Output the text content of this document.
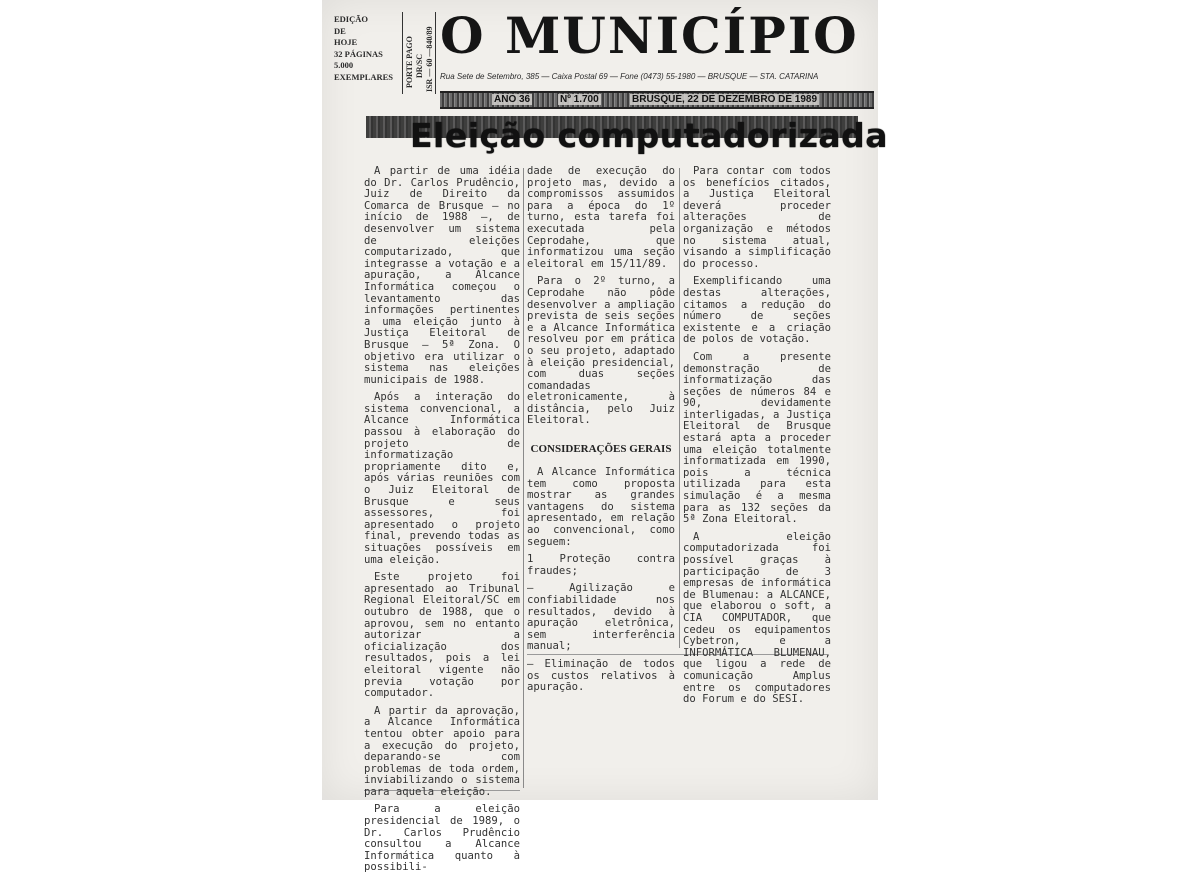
EDIÇÃO
DE
HOJE
32 PÁGINAS
5.000
EXEMPLARES	PORTE PAGO DR/SC ISR — 60 —840/89 O MUNICÍPIO
Rua Sete de Setembro, 385 — Caixa Postal 69 — Fone (0473) 55-1980 — BRUSQUE — STA. CATARINA
ANO 36	Nº 1.700	BRUSQUE, 22 DE DEZEMBRO DE 1989
Eleição computadorizada

A partir de uma idéia do Dr. Carlos Prudêncio, Juiz de Direito da Comarca de Brusque — no início de 1988 —, de desenvolver um sistema de eleições computarizado, que integrasse a votação e a apuração, a Alcance Informática começou o levantamento das informações pertinentes a uma eleição junto à Justiça Eleitoral de Brusque — 5ª Zona. O objetivo era utilizar o sistema nas eleições municipais de 1988.

Após a interação do sistema convencional, a Alcance Informática passou à elaboração do projeto de informatização propriamente dito e, após várias reuniões com o Juiz Eleitoral de Brusque e seus assessores, foi apresentado o projeto final, prevendo todas as situações possíveis em uma eleição.

Este projeto foi apresentado ao Tribunal Regional Eleitoral/SC em outubro de 1988, que o aprovou, sem no entanto autorizar a oficialização dos resultados, pois a lei eleitoral vigente não previa votação por computador.

A partir da aprovação, a Alcance Informática tentou obter apoio para a execução do projeto, deparando-se com problemas de toda ordem, inviabilizando o sistema para aquela eleição.

Para a eleição presidencial de 1989, o Dr. Carlos Prudêncio consultou a Alcance Informática quanto à possibili-

dade de execução do projeto mas, devido a compromissos assumidos para a época do 1º turno, esta tarefa foi executada pela Ceprodahe, que informatizou uma seção eleitoral em 15/11/89.

Para o 2º turno, a Ceprodahe não pôde desenvolver a ampliação prevista de seis seções e a Alcance Informática resolveu por em prática o seu projeto, adaptado à eleição presidencial, com duas seções comandadas eletronicamente, à distância, pelo Juiz Eleitoral.

CONSIDERAÇÕES GERAIS

A Alcance Informática tem como proposta mostrar as grandes vantagens do sistema apresentado, em relação ao convencional, como seguem:

1 Proteção contra fraudes;

— Agilização e confiabilidade nos resultados, devido à apuração eletrônica, sem interferência manual;

— Eliminação de todos os custos relativos à apuração.

Para contar com todos os benefícios citados, a Justiça Eleitoral deverá proceder alterações de organização e métodos no sistema atual, visando a simplificação do processo.

Exemplificando uma destas alterações, citamos a redução do número de seções existente e a criação de polos de votação.

Com a presente demonstração de informatização das seções de números 84 e 90, devidamente interligadas, a Justiça Eleitoral de Brusque estará apta a proceder uma eleição totalmente informatizada em 1990, pois a técnica utilizada para esta simulação é a mesma para as 132 seções da 5ª Zona Eleitoral.

A eleição computadorizada foi possível graças à participação de 3 empresas de informática de Blumenau: a ALCANCE, que elaborou o soft, a CIA COMPUTADOR, que cedeu os equipamentos Cybetron, e a INFORMÁTICA BLUMENAU, que ligou a rede de comunicação Amplus entre os computadores do Forum e do SESI.
